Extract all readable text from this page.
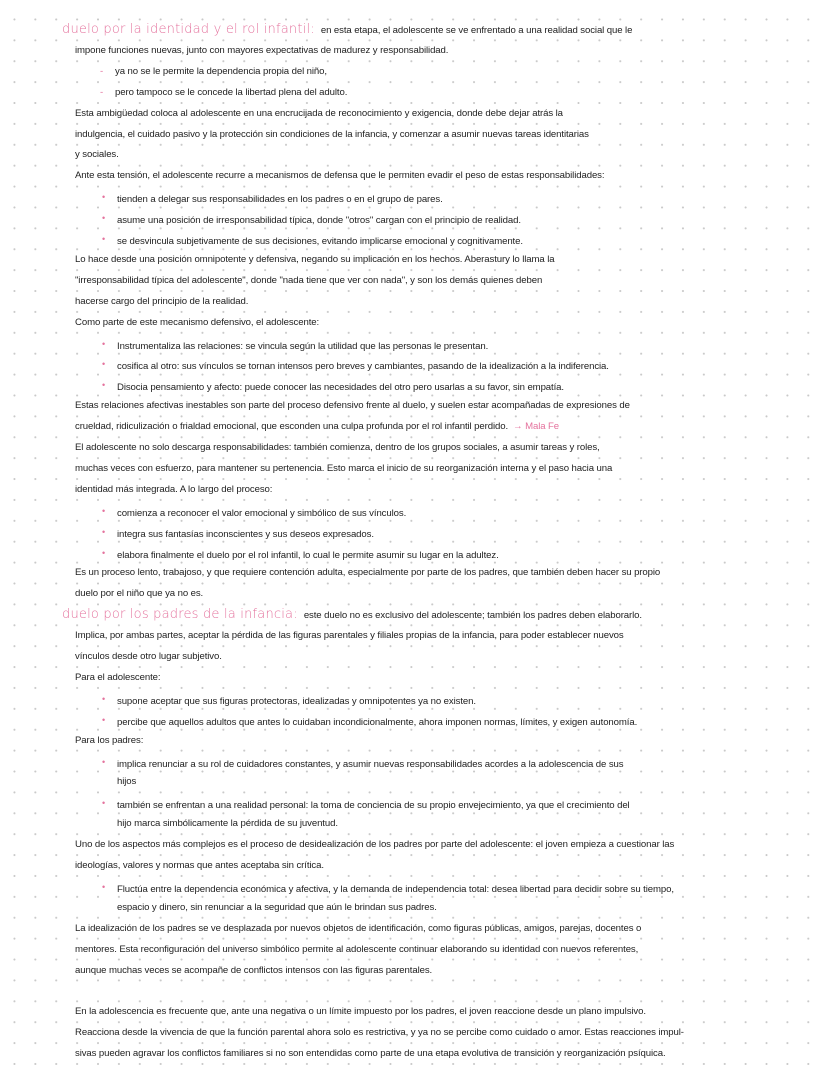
duelo por la identidad y el rol infantil: en esta etapa, el adolescente se ve enfrentado a una realidad social que le
impone funciones nuevas, junto con mayores expectativas de madurez y responsabilidad.
- ya no se le permite la dependencia propia del niño,
- pero tampoco se le concede la libertad plena del adulto.
Esta ambigüedad coloca al adolescente en una encrucijada de reconocimiento y exigencia, donde debe dejar atrás la
indulgencia, el cuidado pasivo y la protección sin condiciones de la infancia, y comenzar a asumir nuevas tareas identitarias
y sociales.
Ante esta tensión, el adolescente recurre a mecanismos de defensa que le permiten evadir el peso de estas responsabilidades:
• tienden a delegar sus responsabilidades en los padres o en el grupo de pares.
• asume una posición de irresponsabilidad típica, donde "otros" cargan con el principio de realidad.
• se desvincula subjetivamente de sus decisiones, evitando implicarse emocional y cognitivamente.
Lo hace desde una posición omnipotente y defensiva, negando su implicación en los hechos. Aberastury lo llama la
"irresponsabilidad típica del adolescente", donde "nada tiene que ver con nada", y son los demás quienes deben
hacerse cargo del principio de la realidad.
Como parte de este mecanismo defensivo, el adolescente:
• Instrumentaliza las relaciones: se vincula según la utilidad que las personas le presentan.
• cosifica al otro: sus vínculos se tornan intensos pero breves y cambiantes, pasando de la idealización a la indiferencia.
• Disocia pensamiento y afecto: puede conocer las necesidades del otro pero usarlas a su favor, sin empatía.
Estas relaciones afectivas inestables son parte del proceso defensivo frente al duelo, y suelen estar acompañadas de expresiones de
crueldad, ridiculización o frialdad emocional, que esconden una culpa profunda por el rol infantil perdido. → Mala Fe
El adolescente no solo descarga responsabilidades: también comienza, dentro de los grupos sociales, a asumir tareas y roles,
muchas veces con esfuerzo, para mantener su pertenencia. Esto marca el inicio de su reorganización interna y el paso hacia una
identidad más integrada. A lo largo del proceso:
• comienza a reconocer el valor emocional y simbólico de sus vínculos.
• integra sus fantasías inconscientes y sus deseos expresados.
• elabora finalmente el duelo por el rol infantil, lo cual le permite asumir su lugar en la adultez.
Es un proceso lento, trabajoso, y que requiere contención adulta, especialmente por parte de los padres, que también deben hacer su propio
duelo por el niño que ya no es.
duelo por los padres de la infancia: este duelo no es exclusivo del adolescente; también los padres deben elaborarlo.
Implica, por ambas partes, aceptar la pérdida de las figuras parentales y filiales propias de la infancia, para poder establecer nuevos
vínculos desde otro lugar subjetivo.
Para el adolescente:
• supone aceptar que sus figuras protectoras, idealizadas y omnipotentes ya no existen.
• percibe que aquellos adultos que antes lo cuidaban incondicionalmente, ahora imponen normas, límites, y exigen autonomía.
Para los padres:
• implica renunciar a su rol de cuidadores constantes, y asumir nuevas responsabilidades acordes a la adolescencia de sus
hijos
• también se enfrentan a una realidad personal: la toma de conciencia de su propio envejecimiento, ya que el crecimiento del
hijo marca simbólicamente la pérdida de su juventud.
Uno de los aspectos más complejos es el proceso de desidealización de los padres por parte del adolescente: el joven empieza a cuestionar las
ideologías, valores y normas que antes aceptaba sin crítica.
• Fluctúa entre la dependencia económica y afectiva, y la demanda de independencia total: desea libertad para decidir sobre su tiempo,
espacio y dinero, sin renunciar a la seguridad que aún le brindan sus padres.
La idealización de los padres se ve desplazada por nuevos objetos de identificación, como figuras públicas, amigos, parejas, docentes o
mentores. Esta reconfiguración del universo simbólico permite al adolescente continuar elaborando su identidad con nuevos referentes,
aunque muchas veces se acompañe de conflictos intensos con las figuras parentales.
En la adolescencia es frecuente que, ante una negativa o un límite impuesto por los padres, el joven reaccione desde un plano impulsivo.
Reacciona desde la vivencia de que la función parental ahora solo es restrictiva, y ya no se percibe como cuidado o amor. Estas reacciones impul-
sivas pueden agravar los conflictos familiares si no son entendidas como parte de una etapa evolutiva de transición y reorganización psíquica.
